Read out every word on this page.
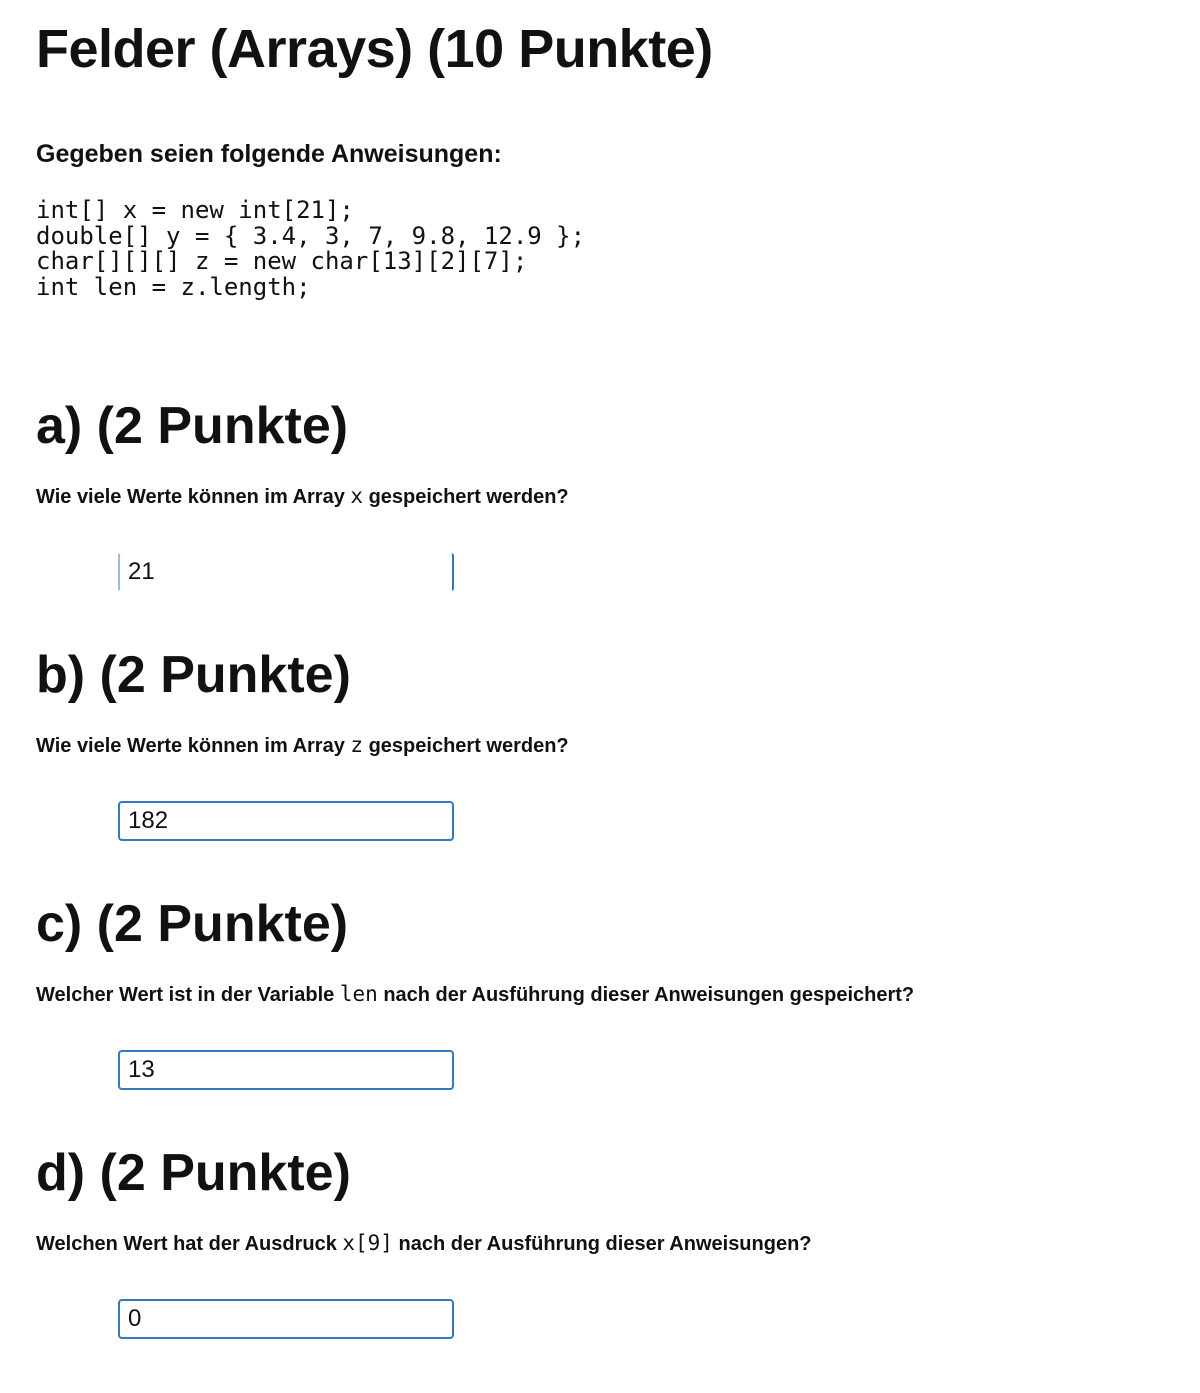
Felder (Arrays) (10 Punkte)

Gegeben seien folgende Anweisungen:

int[] x = new int[21];
double[] y = { 3.4, 3, 7, 9.8, 12.9 };
char[][][] z = new char[13][2][7];
int len = z.length;
a) (2 Punkte)

Wie viele Werte können im Array x gespeichert werden?

21
b) (2 Punkte)

Wie viele Werte können im Array z gespeichert werden?

182
c) (2 Punkte)

Welcher Wert ist in der Variable len nach der Ausführung dieser Anweisungen gespeichert?

13
d) (2 Punkte)

Welchen Wert hat der Ausdruck x[9] nach der Ausführung dieser Anweisungen?

0
